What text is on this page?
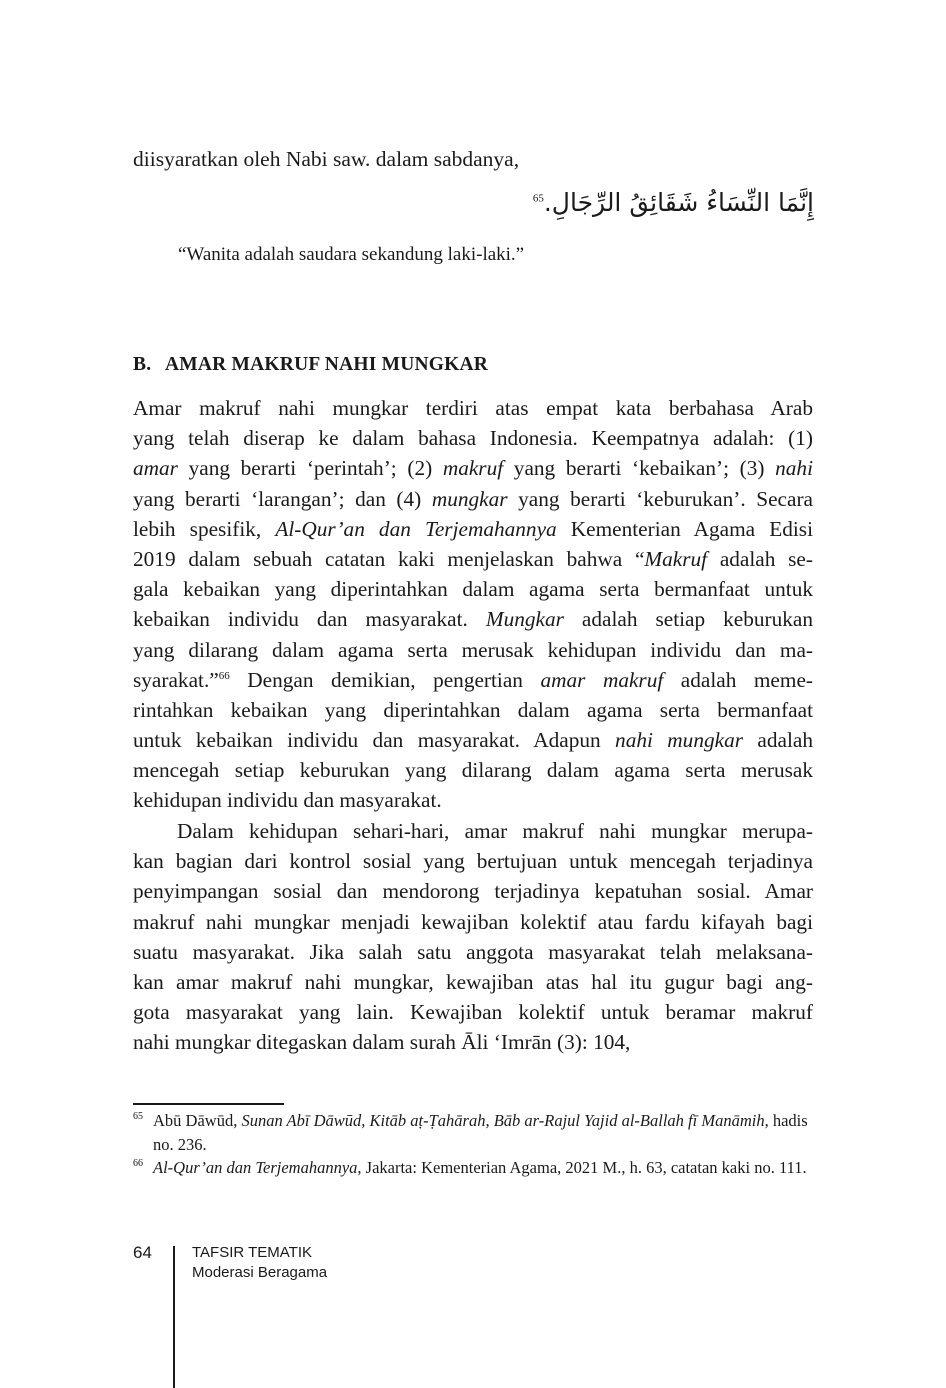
diisyaratkan oleh Nabi saw. dalam sabdanya,
إِنَّمَا النِّسَاءُ شَقَائِقُ الرِّجَالِ.$^{65}$
“Wanita adalah saudara sekandung laki-laki.”
B. AMAR MAKRUF NAHI MUNGKAR
Amar makruf nahi mungkar terdiri atas empat kata berbahasa Arab
yang telah diserap ke dalam bahasa Indonesia. Keempatnya adalah: (1)
amar yang berarti ‘perintah’; (2) makruf yang berarti ‘kebaikan’; (3) nahi
yang berarti ‘larangan’; dan (4) mungkar yang berarti ‘keburukan’. Secara
lebih spesifik, Al-Qur’an dan Terjemahannya Kementerian Agama Edisi
2019 dalam sebuah catatan kaki menjelaskan bahwa “Makruf adalah se-
gala kebaikan yang diperintahkan dalam agama serta bermanfaat untuk
kebaikan individu dan masyarakat. Mungkar adalah setiap keburukan
yang dilarang dalam agama serta merusak kehidupan individu dan ma-
syarakat.”$^{66}$ Dengan demikian, pengertian amar makruf adalah meme-
rintahkan kebaikan yang diperintahkan dalam agama serta bermanfaat
untuk kebaikan individu dan masyarakat. Adapun nahi mungkar adalah
mencegah setiap keburukan yang dilarang dalam agama serta merusak
kehidupan individu dan masyarakat.
Dalam kehidupan sehari-hari, amar makruf nahi mungkar merupa-
kan bagian dari kontrol sosial yang bertujuan untuk mencegah terjadinya
penyimpangan sosial dan mendorong terjadinya kepatuhan sosial. Amar
makruf nahi mungkar menjadi kewajiban kolektif atau fardu kifayah bagi
suatu masyarakat. Jika salah satu anggota masyarakat telah melaksana-
kan amar makruf nahi mungkar, kewajiban atas hal itu gugur bagi ang-
gota masyarakat yang lain. Kewajiban kolektif untuk beramar makruf
nahi mungkar ditegaskan dalam surah Āli ‘Imrān (3): 104,
65 Abū Dāwūd, Sunan Abī Dāwūd, Kitāb aṭ-Ṭahārah, Bāb ar-Rajul Yajid al-Ballah fī Manāmih, hadis no. 236.
66 Al-Qur’an dan Terjemahannya, Jakarta: Kementerian Agama, 2021 M., h. 63, catatan kaki no. 111.
64	TAFSIR TEMATIK
Moderasi Beragama
